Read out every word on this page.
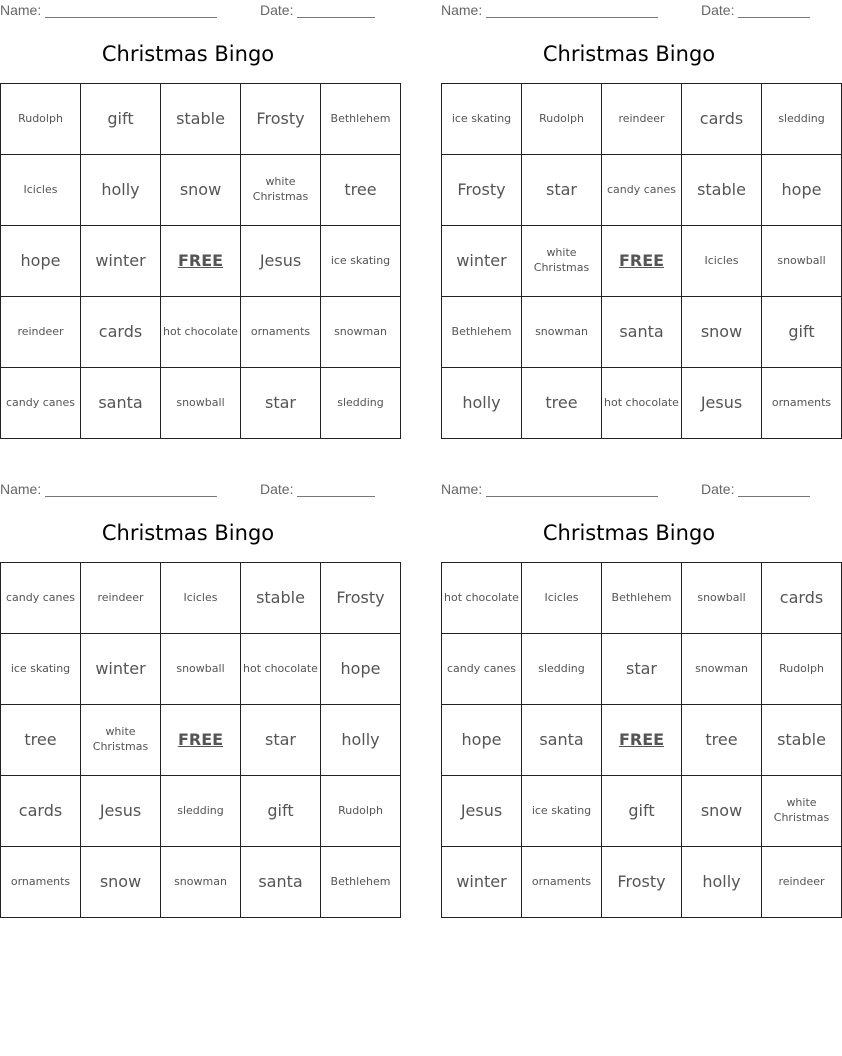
Name:	Date:
Christmas Bingo
Rudolph	gift	stable	Frosty	Bethlehem
Icicles	holly	snow	white Christmas	tree
hope	winter	FREE	Jesus	ice skating
reindeer	cards	hot chocolate	ornaments	snowman
candy canes	santa	snowball	star	sledding
Name:	Date:
Christmas Bingo
ice skating	Rudolph	reindeer	cards	sledding
Frosty	star	candy canes	stable	hope
winter	white Christmas	FREE	Icicles	snowball
Bethlehem	snowman	santa	snow	gift
holly	tree	hot chocolate	Jesus	ornaments
Name:	Date:
Christmas Bingo
candy canes	reindeer	Icicles	stable	Frosty
ice skating	winter	snowball	hot chocolate	hope
tree	white Christmas	FREE	star	holly
cards	Jesus	sledding	gift	Rudolph
ornaments	snow	snowman	santa	Bethlehem
Name:	Date:
Christmas Bingo
hot chocolate	Icicles	Bethlehem	snowball	cards
candy canes	sledding	star	snowman	Rudolph
hope	santa	FREE	tree	stable
Jesus	ice skating	gift	snow	white Christmas
winter	ornaments	Frosty	holly	reindeer
